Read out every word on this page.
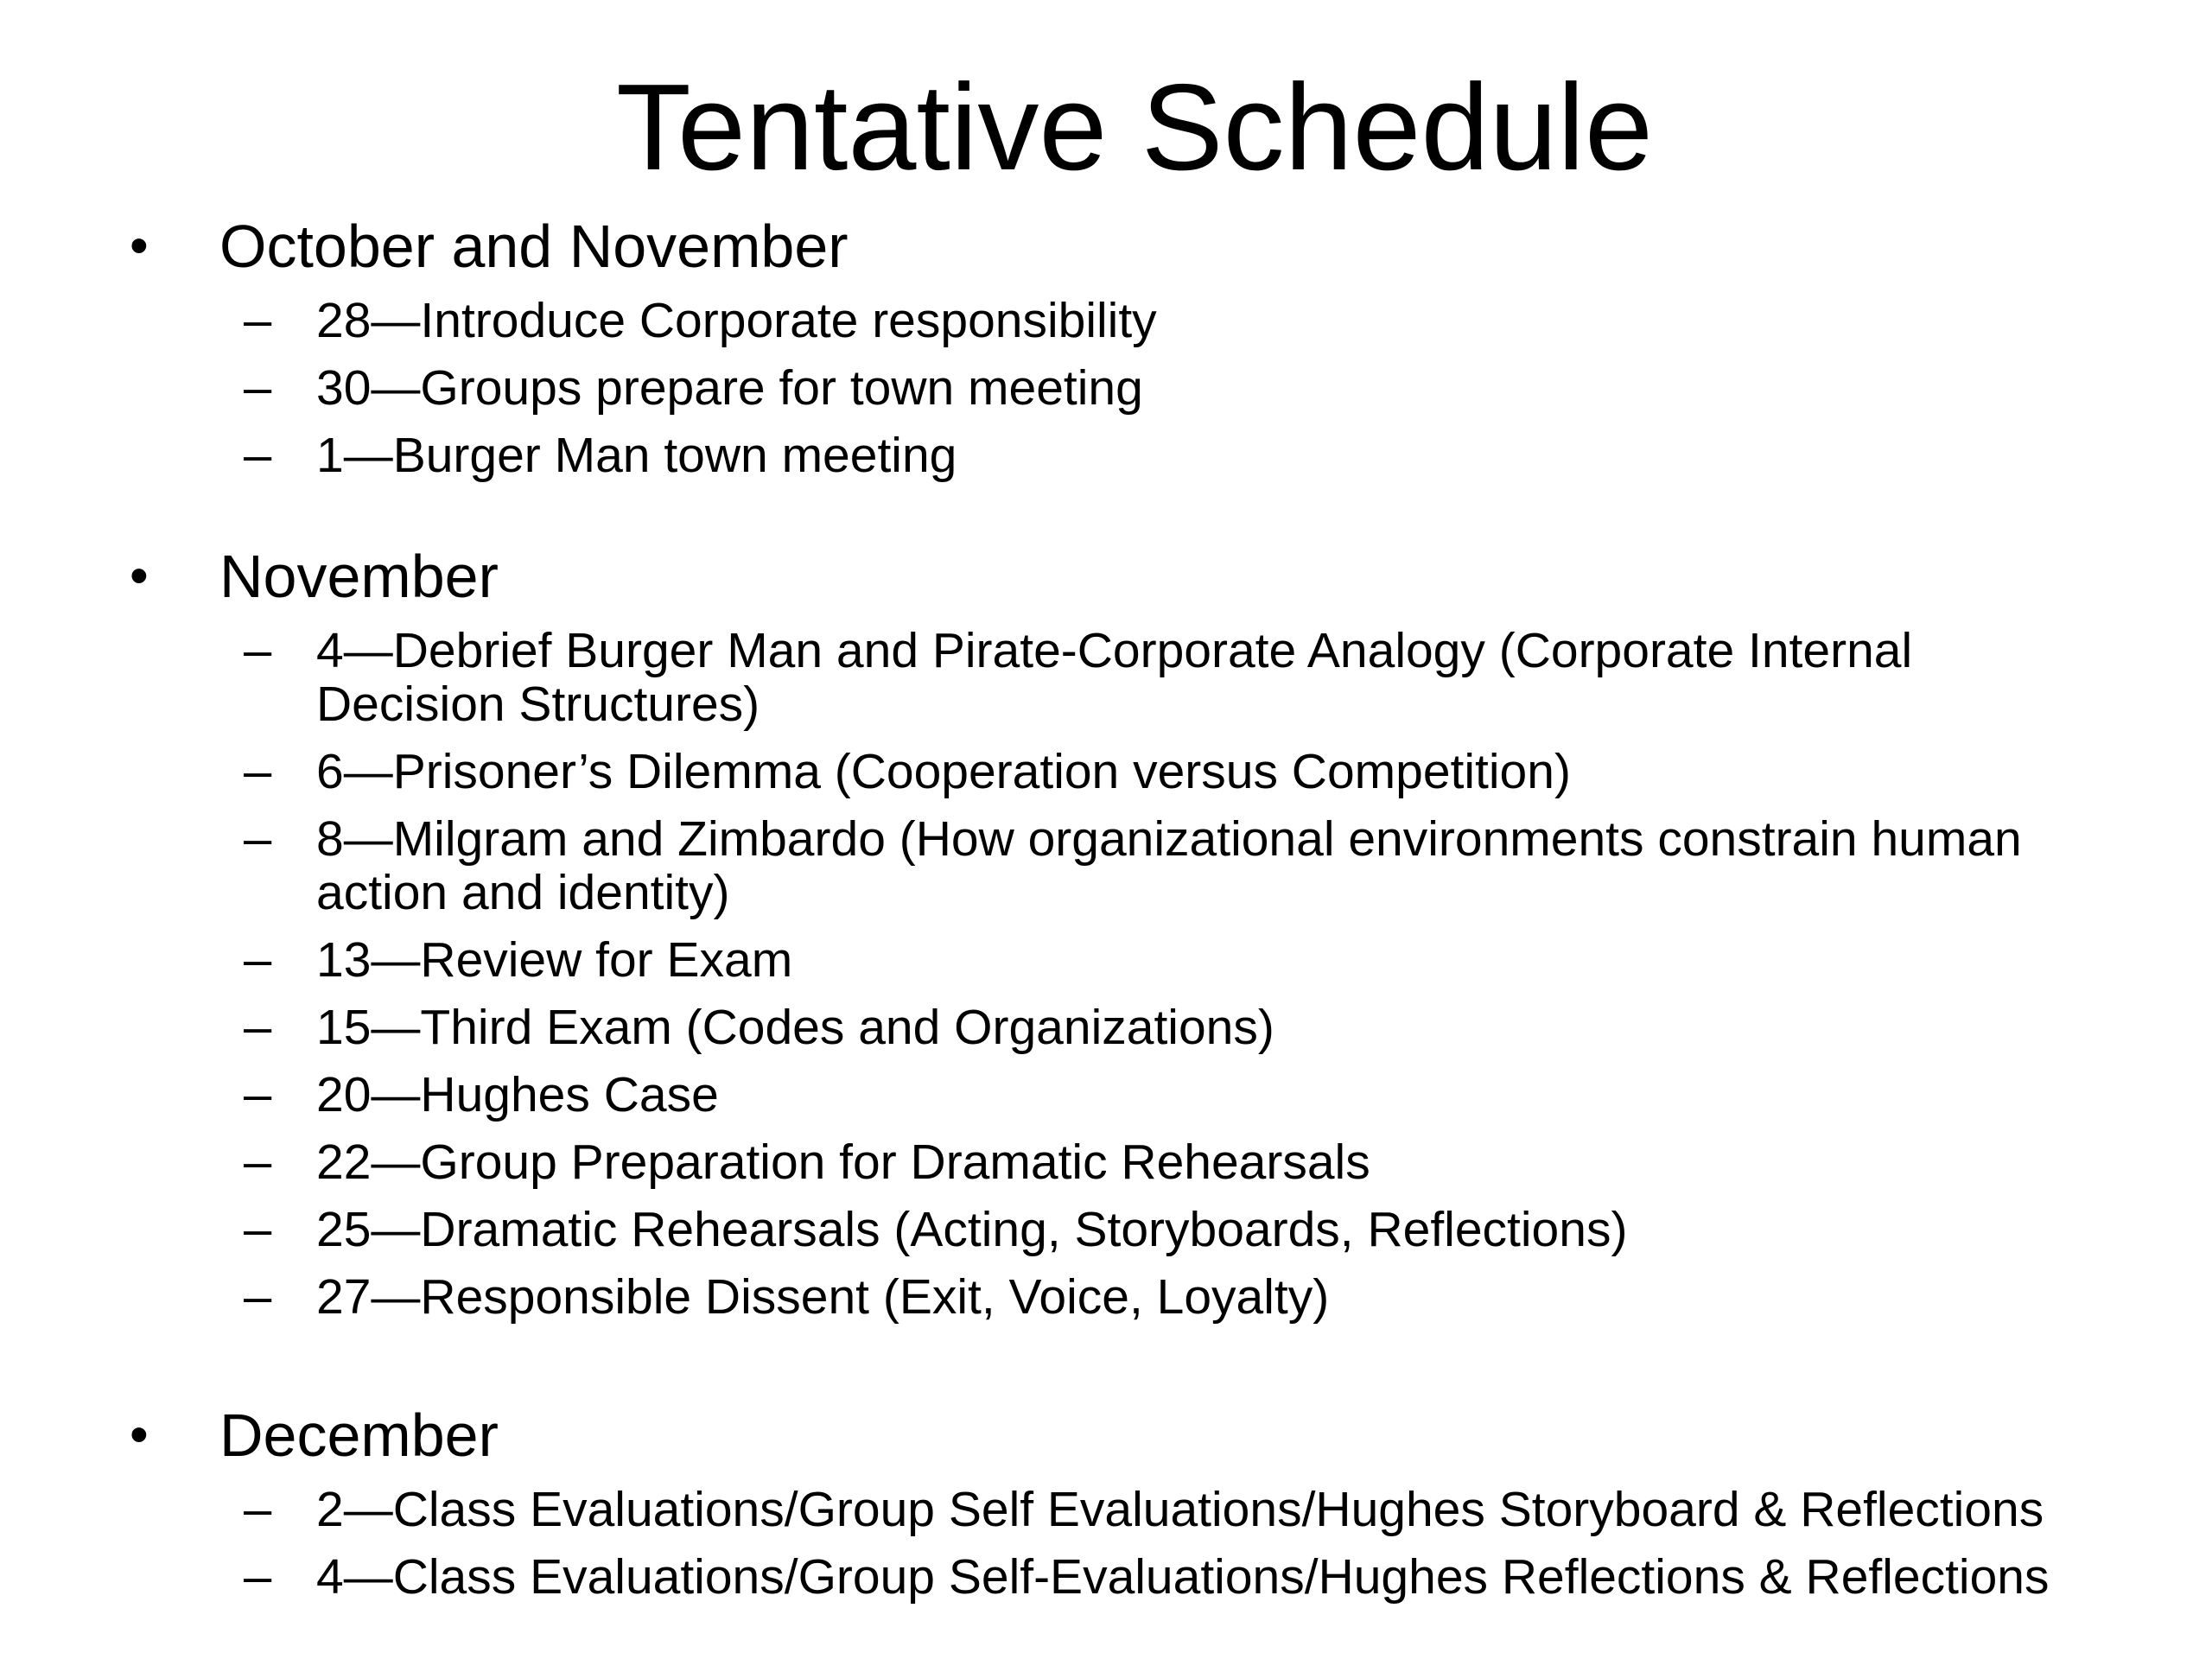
Tentative Schedule
• October and November
– 28—Introduce Corporate responsibility
– 30—Groups prepare for town meeting
– 1—Burger Man town meeting
• November
– 4—Debrief Burger Man and Pirate-Corporate Analogy (Corporate Internal Decision Structures)
– 6—Prisoner’s Dilemma (Cooperation versus Competition)
– 8—Milgram and Zimbardo (How organizational environments constrain human action and identity)
– 13—Review for Exam
– 15—Third Exam (Codes and Organizations)
– 20—Hughes Case
– 22—Group Preparation for Dramatic Rehearsals
– 25—Dramatic Rehearsals (Acting, Storyboards, Reflections)
– 27—Responsible Dissent (Exit, Voice, Loyalty)
• December
– 2—Class Evaluations/Group Self Evaluations/Hughes Storyboard & Reflections
– 4—Class Evaluations/Group Self-Evaluations/Hughes Reflections & Reflections
